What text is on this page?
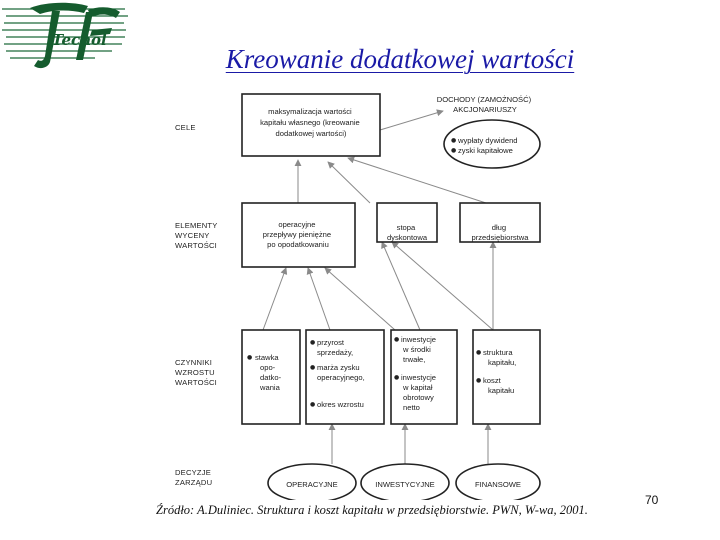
Tecnol
Kreowanie dodatkowej wartości
CELE
ELEMENTY WYCENY WARTOŚCI
CZYNNIKI WZROSTU WARTOŚCI
DECYZJE ZARZĄDU
maksymalizacja wartości kapitału własnego (kreowanie dodatkowej wartości)
DOCHODY (ZAMOŻNOŚĆ) AKCJONARIUSZY
● wypłaty dywidend
● zyski kapitałowe
operacyjne przepływy pieniężne po opodatkowaniu
stopa dyskontowa
dług przedsiębiorstwa
● stawka opo- datko- wania
● przyrost sprzedaży,
● marża zysku operacyjnego,
● okres wzrostu
● inwestycje w środki trwałe,
● inwestycje w kapitał obrotowy netto
● struktura kapitału,
● koszt kapitału
OPERACYJNE	INWESTYCYJNE	FINANSOWE
Źródło: A.Duliniec. Struktura i koszt kapitału w przedsiębiorstwie. PWN, W-wa, 2001.
70
